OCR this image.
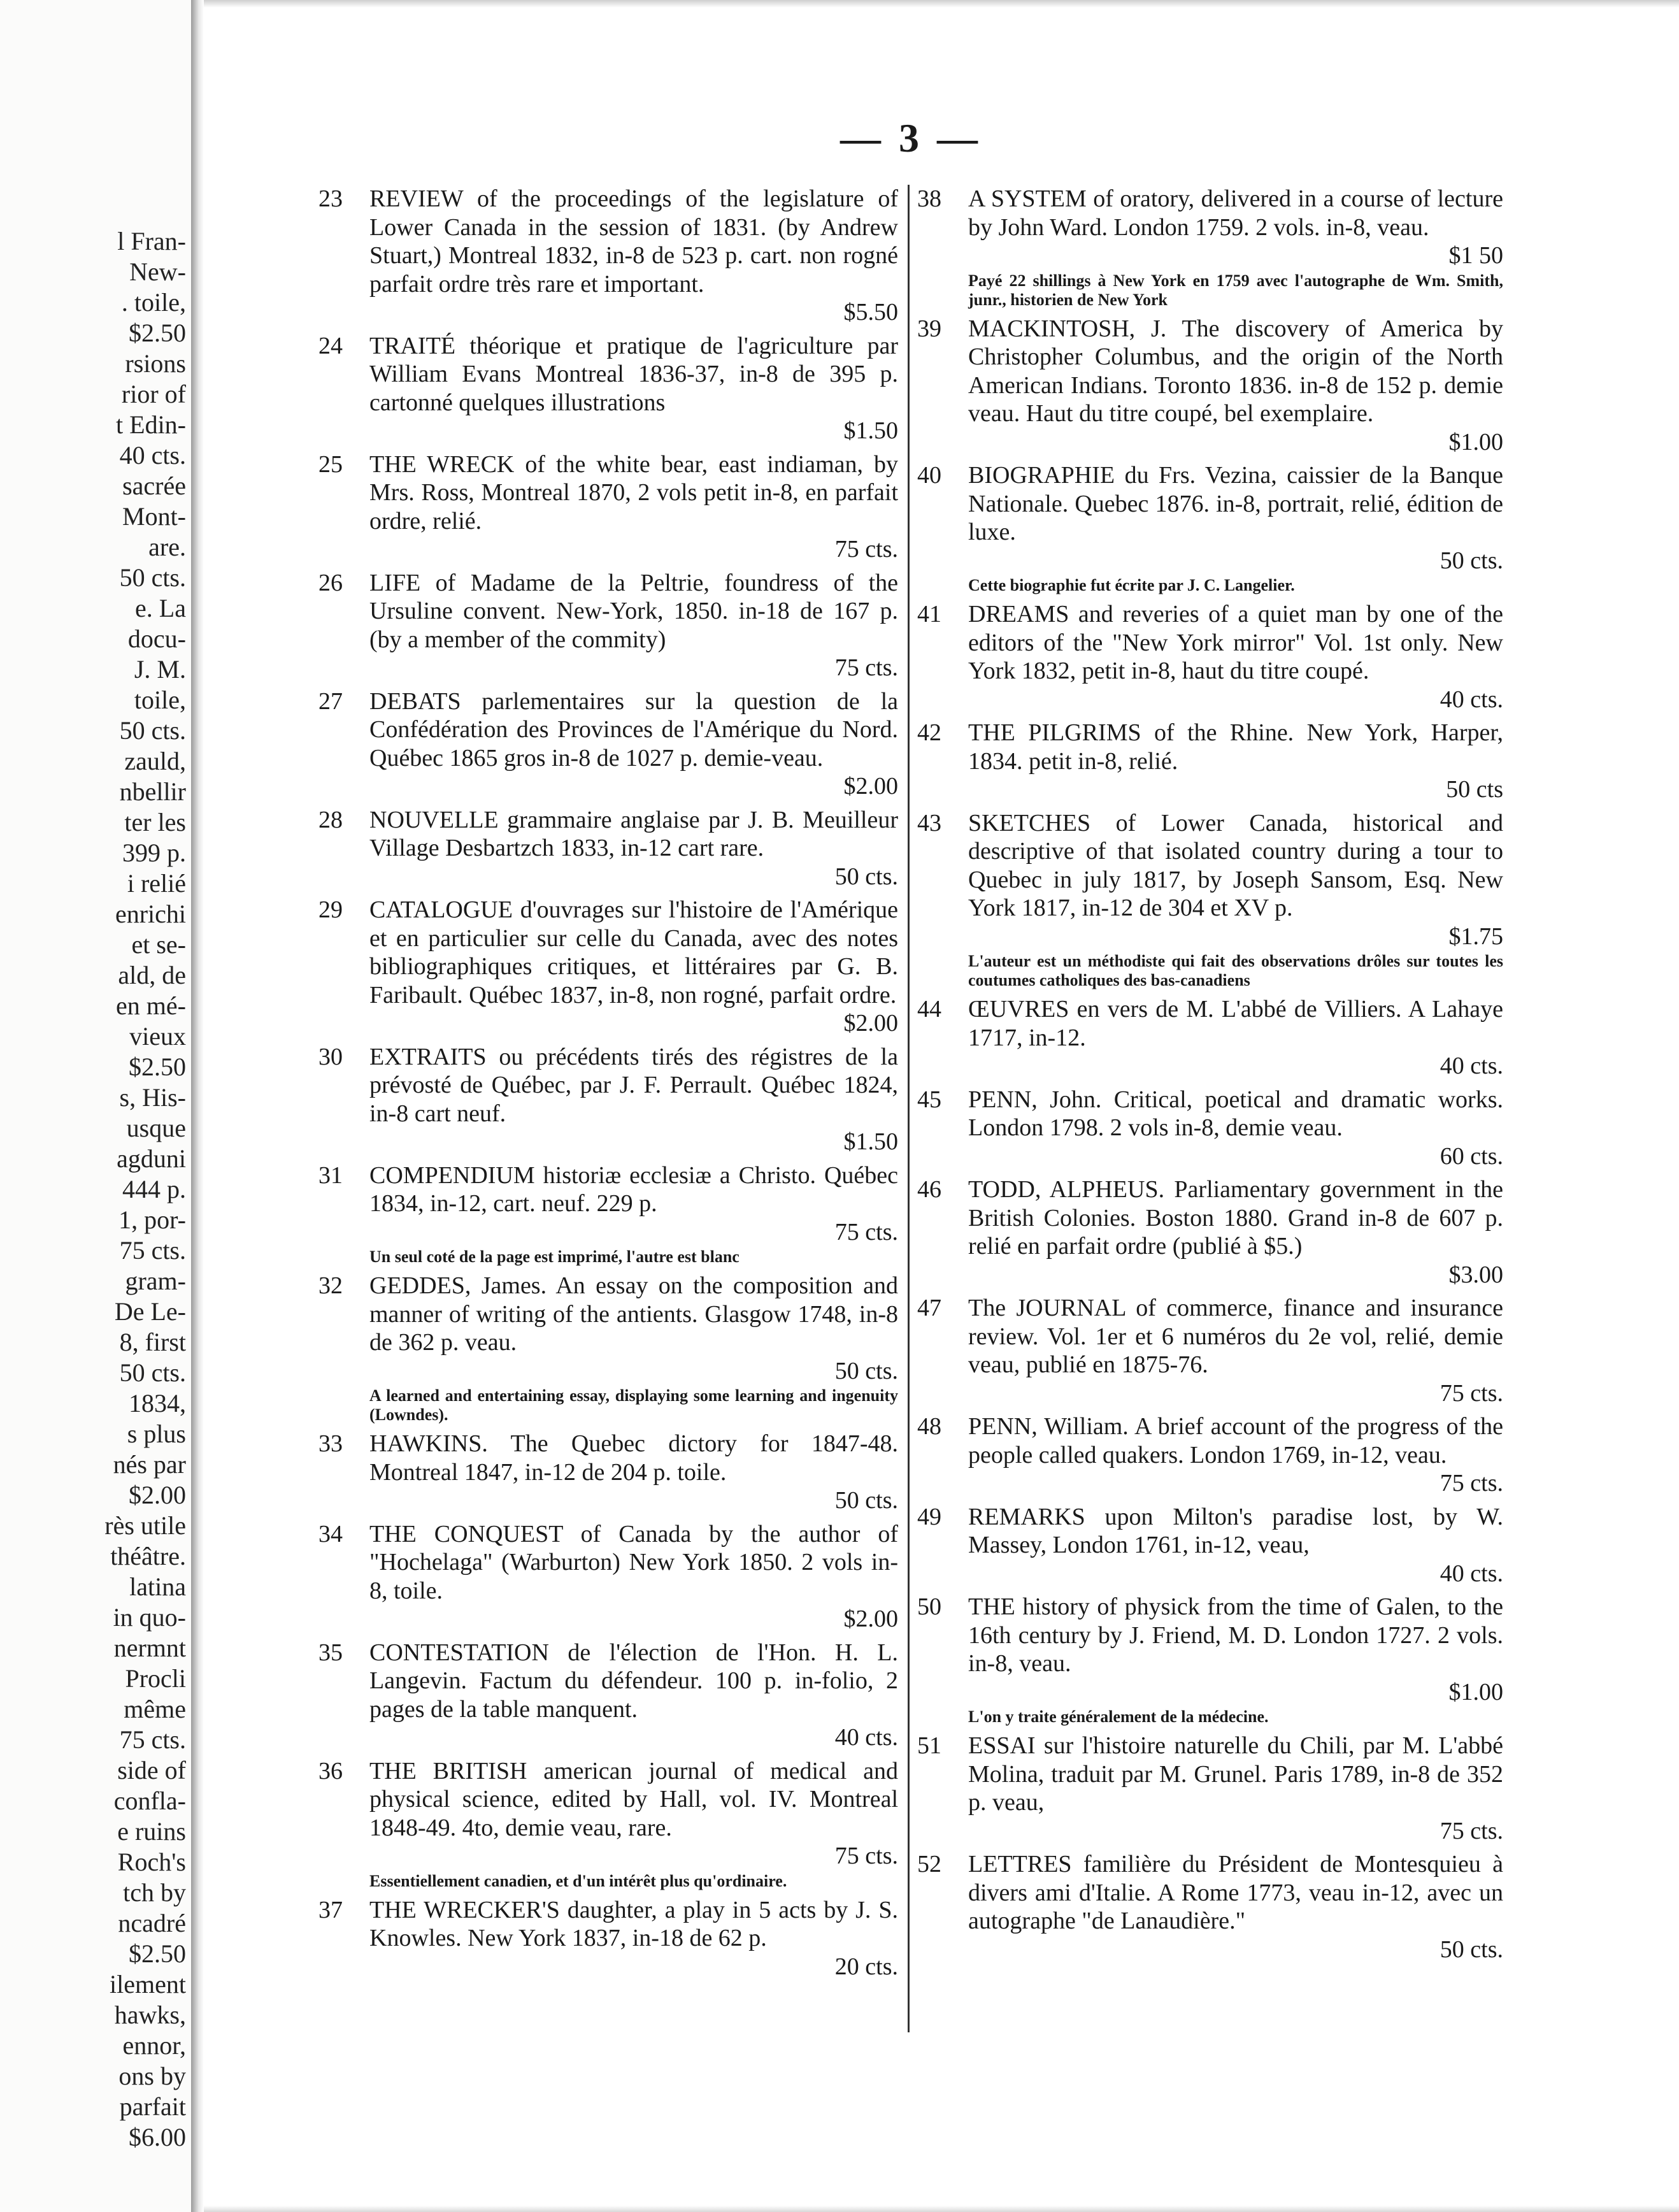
l Fran-
New-
. toile,
$2.50
rsions
rior of
t Edin-
40 cts.
sacrée
Mont-
are.
50 cts.
e. La
docu-
J. M.
toile,
50 cts.
zauld,
nbellir
ter les
399 p.
i relié
enrichi
et se-
ald, de
en mé-
vieux
$2.50
s, His-
usque
agduni
444 p.
1, por-
75 cts.
gram-
De Le-
8, first
50 cts.
1834,
s plus
nés par
$2.00
rès utile
théâtre.
latina
in quo-
nermnt
Procli
même
75 cts.
side of
confla-
e ruins
Roch's
tch by
ncadré
$2.50
ilement
hawks,
ennor,
ons by
parfait
$6.00
— 3 —
23	REVIEW of the proceedings of the legislature of Lower Canada in the session of 1831. (by Andrew Stuart,) Montreal 1832, in-8 de 523 p. cart. non rogné parfait ordre très rare et important.
$5.50
24	TRAITÉ théorique et pratique de l'agriculture par William Evans Montreal 1836-37, in-8 de 395 p. cartonné quelques illustrations
$1.50
25	THE WRECK of the white bear, east indiaman, by Mrs. Ross, Montreal 1870, 2 vols petit in-8, en parfait ordre, relié.
75 cts.
26	LIFE of Madame de la Peltrie, foundress of the Ursuline convent. New-York, 1850. in-18 de 167 p. (by a member of the commity)
75 cts.
27	DEBATS parlementaires sur la question de la Confédération des Provinces de l'Amérique du Nord. Québec 1865 gros in-8 de 1027 p. demie-veau.
$2.00
28	NOUVELLE grammaire anglaise par J. B. Meuilleur Village Desbartzch 1833, in-12 cart rare.
50 cts.
29	CATALOGUE d'ouvrages sur l'histoire de l'Amérique et en particulier sur celle du Canada, avec des notes bibliographiques critiques, et littéraires par G. B. Faribault. Québec 1837, in-8, non rogné, parfait ordre.
$2.00
30	EXTRAITS ou précédents tirés des régistres de la prévosté de Québec, par J. F. Perrault. Québec 1824, in-8 cart neuf.
$1.50
31	COMPENDIUM historiæ ecclesiæ a Christo. Québec 1834, in-12, cart. neuf. 229 p.
75 cts.
Un seul coté de la page est imprimé, l'autre est blanc
32	GEDDES, James. An essay on the composition and manner of writing of the antients. Glasgow 1748, in-8 de 362 p. veau.
50 cts.
A learned and entertaining essay, displaying some learning and ingenuity (Lowndes).
33	HAWKINS. The Quebec dictory for 1847-48. Montreal 1847, in-12 de 204 p. toile.
50 cts.
34	THE CONQUEST of Canada by the author of "Hochelaga" (Warburton) New York 1850. 2 vols in-8, toile.
$2.00
35	CONTESTATION de l'élection de l'Hon. H. L. Langevin. Factum du défendeur. 100 p. in-folio, 2 pages de la table manquent.
40 cts.
36	THE BRITISH american journal of medical and physical science, edited by Hall, vol. IV. Montreal 1848-49. 4to, demie veau, rare.
75 cts.
Essentiellement canadien, et d'un intérêt plus qu'ordinaire.
37	THE WRECKER'S daughter, a play in 5 acts by J. S. Knowles. New York 1837, in-18 de 62 p.
20 cts.
38	A SYSTEM of oratory, delivered in a course of lecture by John Ward. London 1759. 2 vols. in-8, veau.
$1 50
Payé 22 shillings à New York en 1759 avec l'autographe de Wm. Smith, junr., historien de New York
39	MACKINTOSH, J. The discovery of America by Christopher Columbus, and the origin of the North American Indians. Toronto 1836. in-8 de 152 p. demie veau. Haut du titre coupé, bel exemplaire.
$1.00
40	BIOGRAPHIE du Frs. Vezina, caissier de la Banque Nationale. Quebec 1876. in-8, portrait, relié, édition de luxe.
50 cts.
Cette biographie fut écrite par J. C. Langelier.
41	DREAMS and reveries of a quiet man by one of the editors of the "New York mirror" Vol. 1st only. New York 1832, petit in-8, haut du titre coupé.
40 cts.
42	THE PILGRIMS of the Rhine. New York, Harper, 1834. petit in-8, relié.
50 cts
43	SKETCHES of Lower Canada, historical and descriptive of that isolated country during a tour to Quebec in july 1817, by Joseph Sansom, Esq. New York 1817, in-12 de 304 et XV p.
$1.75
L'auteur est un méthodiste qui fait des observations drôles sur toutes les coutumes catholiques des bas-canadiens
44	ŒUVRES en vers de M. L'abbé de Villiers. A Lahaye 1717, in-12.
40 cts.
45	PENN, John. Critical, poetical and dramatic works. London 1798. 2 vols in-8, demie veau.
60 cts.
46	TODD, ALPHEUS. Parliamentary government in the British Colonies. Boston 1880. Grand in-8 de 607 p. relié en parfait ordre (publié à $5.)
$3.00
47	The JOURNAL of commerce, finance and insurance review. Vol. 1er et 6 numéros du 2e vol, relié, demie veau, publié en 1875-76.
75 cts.
48	PENN, William. A brief account of the progress of the people called quakers. London 1769, in-12, veau.
75 cts.
49	REMARKS upon Milton's paradise lost, by W. Massey, London 1761, in-12, veau,
40 cts.
50	THE history of physick from the time of Galen, to the 16th century by J. Friend, M. D. London 1727. 2 vols. in-8, veau.
$1.00
L'on y traite généralement de la médecine.
51	ESSAI sur l'histoire naturelle du Chili, par M. L'abbé Molina, traduit par M. Grunel. Paris 1789, in-8 de 352 p. veau,
75 cts.
52	LETTRES familière du Président de Montesquieu à divers ami d'Italie. A Rome 1773, veau in-12, avec un autographe "de Lanaudière."
50 cts.
